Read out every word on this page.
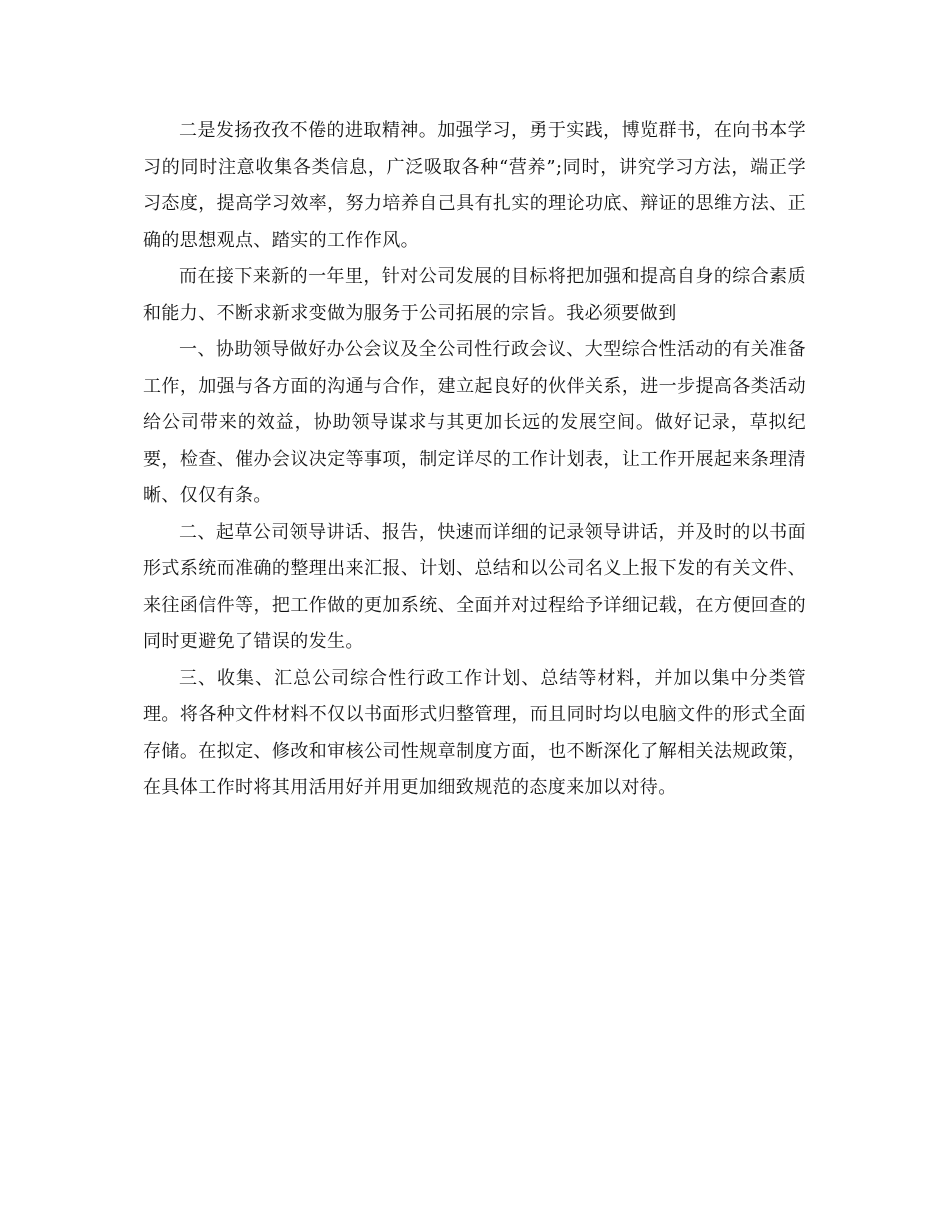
二是发扬孜孜不倦的进取精神。加强学习，勇于实践，博览群书，在向书本学习的同时注意收集各类信息，广泛吸取各种“营养”;同时，讲究学习方法，端正学习态度，提高学习效率，努力培养自己具有扎实的理论功底、辩证的思维方法、正确的思想观点、踏实的工作作风。

而在接下来新的一年里，针对公司发展的目标将把加强和提高自身的综合素质和能力、不断求新求变做为服务于公司拓展的宗旨。我必须要做到

一、协助领导做好办公会议及全公司性行政会议、大型综合性活动的有关准备工作，加强与各方面的沟通与合作，建立起良好的伙伴关系，进一步提高各类活动给公司带来的效益，协助领导谋求与其更加长远的发展空间。做好记录，草拟纪要，检查、催办会议决定等事项，制定详尽的工作计划表，让工作开展起来条理清晰、仅仅有条。

二、起草公司领导讲话、报告，快速而详细的记录领导讲话，并及时的以书面形式系统而准确的整理出来汇报、计划、总结和以公司名义上报下发的有关文件、来往函信件等，把工作做的更加系统、全面并对过程给予详细记载，在方便回查的同时更避免了错误的发生。

三、收集、汇总公司综合性行政工作计划、总结等材料，并加以集中分类管理。将各种文件材料不仅以书面形式归整管理，而且同时均以电脑文件的形式全面存储。在拟定、修改和审核公司性规章制度方面，也不断深化了解相关法规政策，在具体工作时将其用活用好并用更加细致规范的态度来加以对待。
